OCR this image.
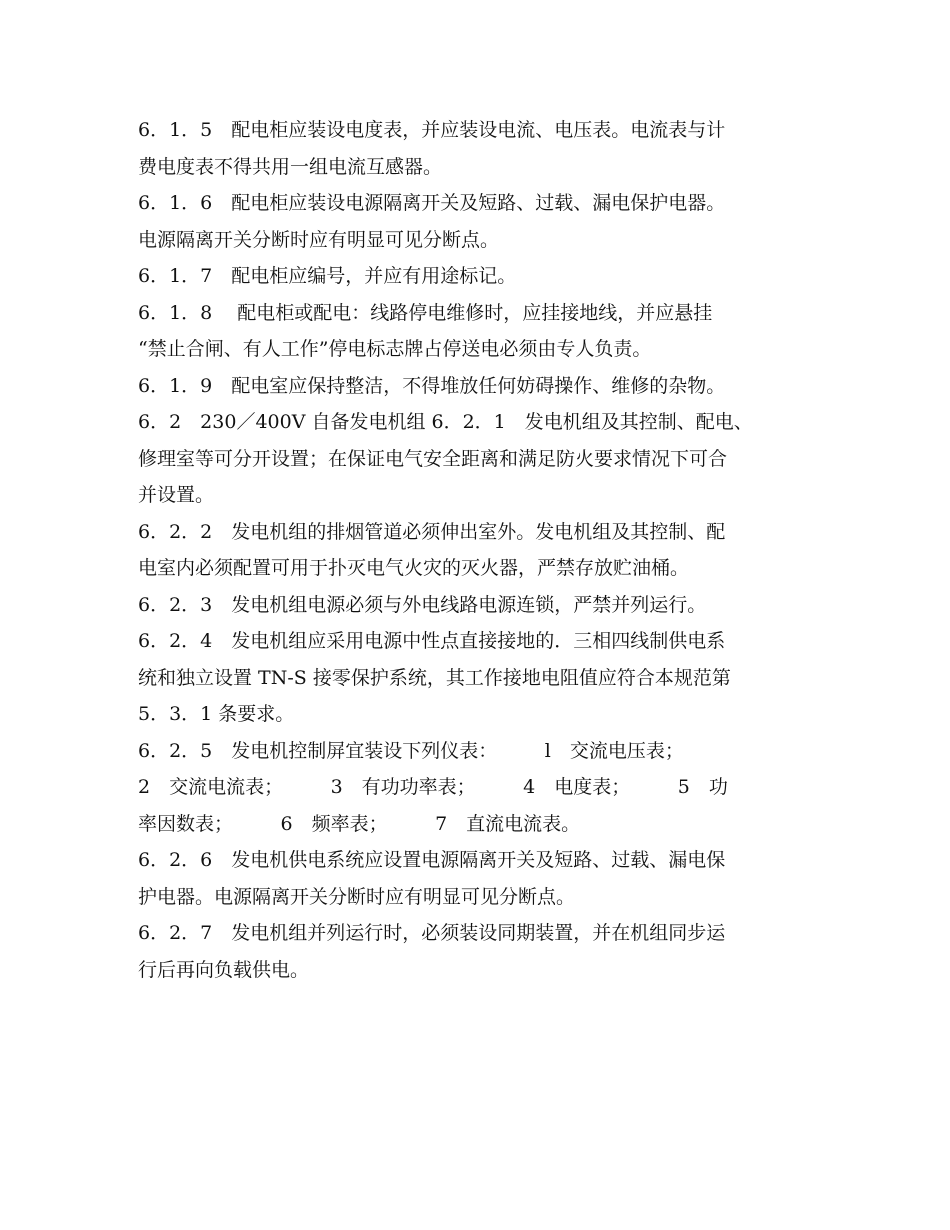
6．1．5　配电柜应装设电度表，并应装设电流、电压表。电流表与计
费电度表不得共用一组电流互感器。
6．1．6　配电柜应装设电源隔离开关及短路、过载、漏电保护电器。
电源隔离开关分断时应有明显可见分断点。
6．1．7　配电柜应编号，并应有用途标记。
6．1．8　 配电柜或配电：线路停电维修时，应挂接地线，并应悬挂
“禁止合闸、有人工作”停电标志牌占停送电必须由专人负责。
6．1．9　配电室应保持整洁，不得堆放任何妨碍操作、维修的杂物。
6．2　230／400V 自备发电机组 6．2．1　发电机组及其控制、配电、
修理室等可分开设置；在保证电气安全距离和满足防火要求情况下可合
并设置。
6．2．2　发电机组的排烟管道必须伸出室外。发电机组及其控制、配
电室内必须配置可用于扑灭电气火灾的灭火器，严禁存放贮油桶。
6．2．3　发电机组电源必须与外电线路电源连锁，严禁并列运行。
6．2．4　发电机组应采用电源中性点直接接地的．三相四线制供电系
统和独立设置 TN-S 接零保护系统，其工作接地电阻值应符合本规范第
5．3．1 条要求。
6．2．5　发电机控制屏宜装设下列仪表：　　　l　交流电压表；
2　交流电流表；　　　3　有功功率表；　　　4　电度表；　　　5　功
率因数表；　　　6　频率表；　　　7　直流电流表。
6．2．6　发电机供电系统应设置电源隔离开关及短路、过载、漏电保
护电器。电源隔离开关分断时应有明显可见分断点。
6．2．7　发电机组并列运行时，必须装设同期装置，并在机组同步运
行后再向负载供电。
